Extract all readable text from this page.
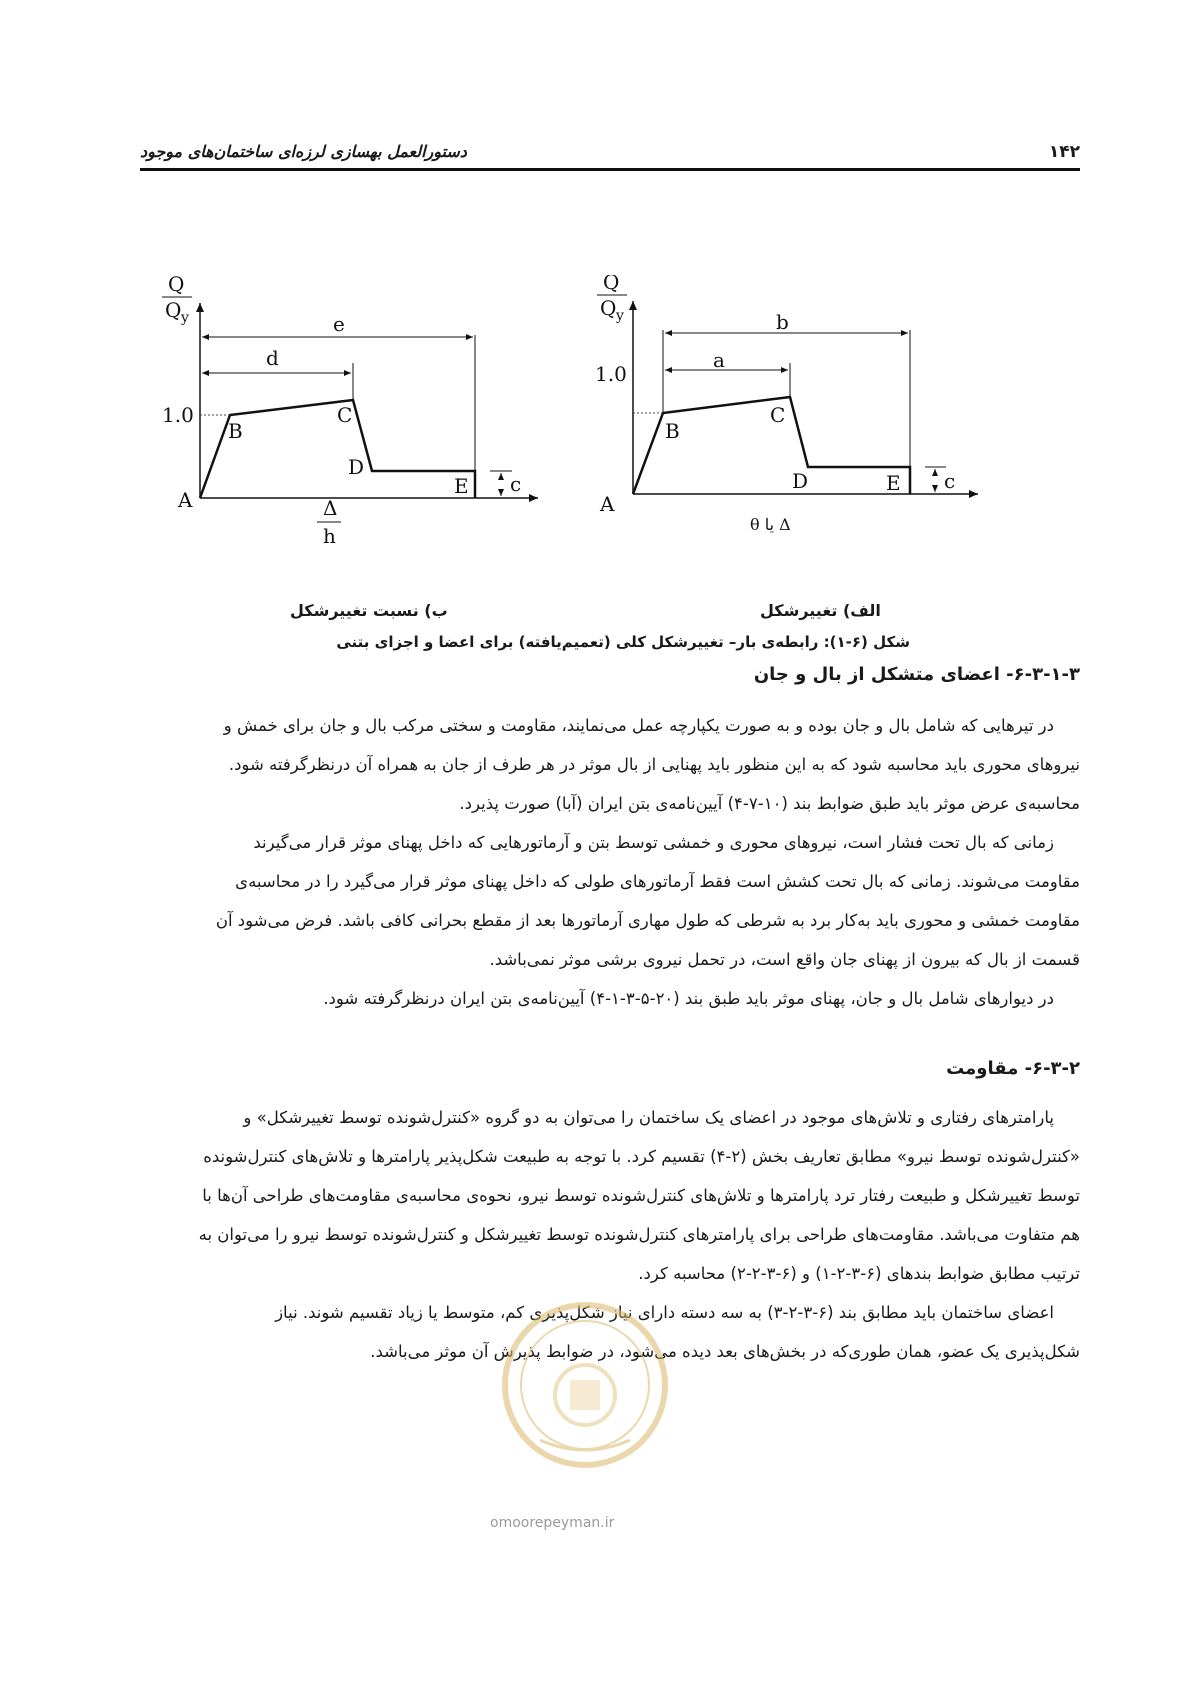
۱۴۲
دستورالعمل بهسازی لرزه‌ای ساختمان‌های موجود
Q
Q y
1.0
A
B
C
D
E
d
e
c
Δ
h
Q
Q y
1.0
A
B
C
D	E
a
b
c
θ یا Δ
ب) نسبت تغییرشکل	الف) تغییرشکل
شکل (۶-۱): رابطه‌ی بار– تغییرشکل کلی (تعمیم‌یافته) برای اعضا و اجزای بتنی
۶-۳-۱-۳- اعضای متشکل از بال و جان

در تیرهایی که شامل بال و جان بوده و به صورت یکپارچه عمل می‌نمایند، مقاومت و سختی مرکب بال و جان برای خمش و

نیروهای محوری باید محاسبه شود که به این منظور باید پهنایی از بال موثر در هر طرف از جان به همراه آن درنظرگرفته شود.

محاسبه‌ی عرض موثر باید طبق ضوابط بند (۱۰-۷-۴) آیین‌نامه‌ی بتن ایران (آبا) صورت پذیرد.

زمانی که بال تحت فشار است، نیروهای محوری و خمشی توسط بتن و آرماتورهایی که داخل پهنای موثر قرار می‌گیرند

مقاومت می‌شوند. زمانی که بال تحت کشش است فقط آرماتورهای طولی که داخل پهنای موثر قرار می‌گیرد را در محاسبه‌ی

مقاومت خمشی و محوری باید به‌کار برد به شرطی که طول مهاری آرماتورها بعد از مقطع بحرانی کافی باشد. فرض می‌شود آن

قسمت از بال که بیرون از پهنای جان واقع است، در تحمل نیروی برشی موثر نمی‌باشد.

در دیوارهای شامل بال و جان، پهنای موثر باید طبق بند (۲۰-۵-۳-۱-۴) آیین‌نامه‌ی بتن ایران درنظرگرفته شود.

۶-۳-۲- مقاومت

پارامترهای رفتاری و تلاش‌های موجود در اعضای یک ساختمان را می‌توان به دو گروه «کنترل‌شونده توسط تغییرشکل» و

«کنترل‌شونده توسط نیرو» مطابق تعاریف بخش (۲-۴) تقسیم کرد. با توجه به طبیعت شکل‌پذیر پارامترها و تلاش‌های کنترل‌شونده

توسط تغییرشکل و طبیعت رفتار ترد پارامترها و تلاش‌های کنترل‌شونده توسط نیرو، نحوه‌ی محاسبه‌ی مقاومت‌های طراحی آن‌ها با

هم متفاوت می‌باشد. مقاومت‌های طراحی برای پارامترهای کنترل‌شونده توسط تغییرشکل و کنترل‌شونده توسط نیرو را می‌توان به

ترتیب مطابق ضوابط بندهای (۶-۳-۲-۱) و (۶-۳-۲-۲) محاسبه کرد.

اعضای ساختمان باید مطابق بند (۶-۳-۲-۳) به سه دسته دارای نیاز شکل‌پذیری کم، متوسط یا زیاد تقسیم شوند. نیاز

شکل‌پذیری یک عضو، همان طوری‌که در بخش‌های بعد دیده می‌شود، در ضوابط پذیرش آن موثر می‌باشد.

omoorepeyman.ir
